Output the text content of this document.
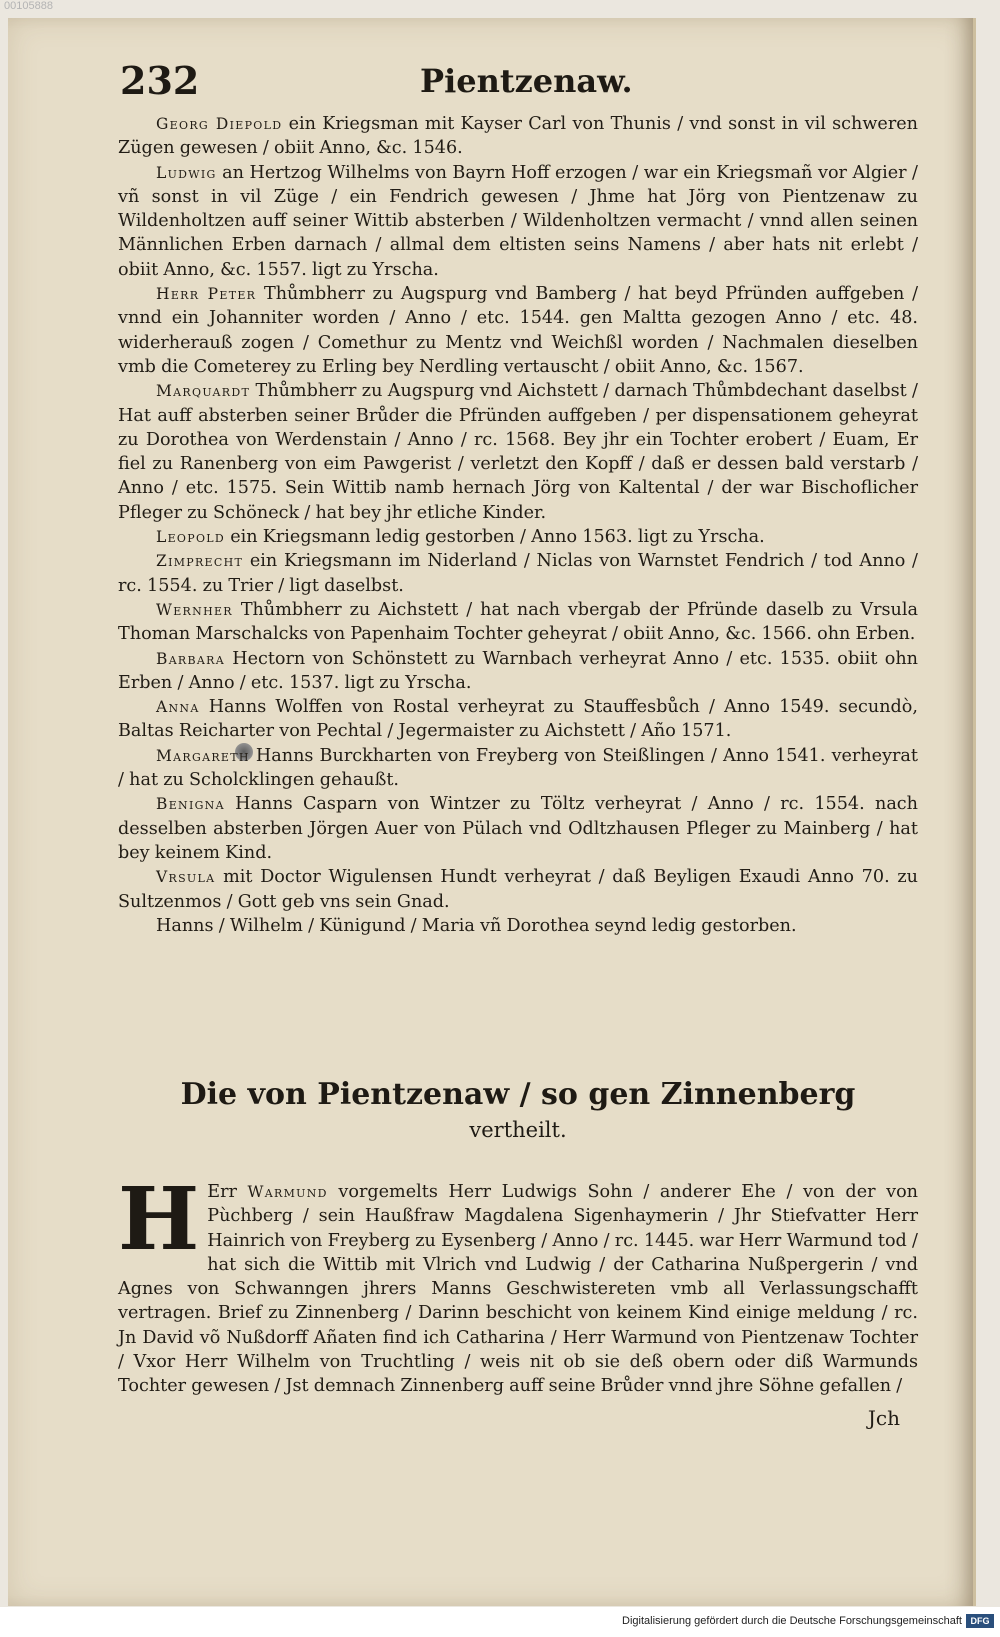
00105888
232	Pientzenaw.

Georg Diepold ein Kriegsman mit Kayser Carl von Thunis / vnd sonst in vil schweren Zügen gewesen / obiit Anno, &c. 1546.

Ludwig an Hertzog Wilhelms von Bayrn Hoff erzogen / war ein Kriegsmañ vor Algier / vñ sonst in vil Züge / ein Fendrich gewesen / Jhme hat Jörg von Pientzenaw zu Wildenholtzen auff seiner Wittib absterben / Wildenholtzen vermacht / vnnd allen seinen Männlichen Erben darnach / allmal dem eltisten seins Namens / aber hats nit erlebt / obiit Anno, &c. 1557. ligt zu Yrscha.

Herr Peter Thůmbherr zu Augspurg vnd Bamberg / hat beyd Pfründen auffgeben / vnnd ein Johanniter worden / Anno / etc. 1544. gen Maltta gezogen Anno / etc. 48. widerherauß zogen / Comethur zu Mentz vnd Weichßl worden / Nachmalen dieselben vmb die Cometerey zu Erling bey Nerdling vertauscht / obiit Anno, &c. 1567.

Marquardt Thůmbherr zu Augspurg vnd Aichstett / darnach Thůmbdechant daselbst / Hat auff absterben seiner Brůder die Pfründen auffgeben / per dispensationem geheyrat zu Dorothea von Werdenstain / Anno / rc. 1568. Bey jhr ein Tochter erobert / Euam, Er fiel zu Ranenberg von eim Pawgerist / verletzt den Kopff / daß er dessen bald verstarb / Anno / etc. 1575. Sein Wittib namb hernach Jörg von Kaltental / der war Bischoflicher Pfleger zu Schöneck / hat bey jhr etliche Kinder.

Leopold ein Kriegsmann ledig gestorben / Anno 1563. ligt zu Yrscha.

Zimprecht ein Kriegsmann im Niderland / Niclas von Warnstet Fendrich / tod Anno / rc. 1554. zu Trier / ligt daselbst.

Wernher Thůmbherr zu Aichstett / hat nach vbergab der Pfründe daselb zu Vrsula Thoman Marschalcks von Papenhaim Tochter geheyrat / obiit Anno, &c. 1566. ohn Erben.

Barbara Hectorn von Schönstett zu Warnbach verheyrat Anno / etc. 1535. obiit ohn Erben / Anno / etc. 1537. ligt zu Yrscha.

Anna Hanns Wolffen von Rostal verheyrat zu Stauffesbůch / Anno 1549. secundò, Baltas Reicharter von Pechtal / Jegermaister zu Aichstett / Año 1571.

Margareth Hanns Burckharten von Freyberg von Steißlingen / Anno 1541. verheyrat / hat zu Scholcklingen gehaußt.

Benigna Hanns Casparn von Wintzer zu Töltz verheyrat / Anno / rc. 1554. nach desselben absterben Jörgen Auer von Pülach vnd Odltzhausen Pfleger zu Mainberg / hat bey keinem Kind.

Vrsula mit Doctor Wigulensen Hundt verheyrat / daß Beyligen Exaudi Anno 70. zu Sultzenmos / Gott geb vns sein Gnad.

Hanns / Wilhelm / Künigund / Maria vñ Dorothea seynd ledig gestorben.

Die von Pientzenaw / so gen Zinnenberg
vertheilt.

H Err Warmund vorgemelts Herr Ludwigs Sohn / anderer Ehe / von der von Pùchberg / sein Haußfraw Magdalena Sigenhaymerin / Jhr Stiefvatter Herr Hainrich von Freyberg zu Eysenberg / Anno / rc. 1445. war Herr Warmund tod / hat sich die Wittib mit Vlrich vnd Ludwig / der Catharina Nußpergerin / vnd Agnes von Schwanngen jhrers Manns Geschwistereten vmb all Verlassungschafft vertragen. Brief zu Zinnenberg / Darinn beschicht von keinem Kind einige meldung / rc. Jn David võ Nußdorff Añaten find ich Catharina / Herr Warmund von Pientzenaw Tochter / Vxor Herr Wilhelm von Truchtling / weis nit ob sie deß obern oder diß Warmunds Tochter gewesen / Jst demnach Zinnenberg auff seine Brůder vnnd jhre Söhne gefallen /

Jch
Digitalisierung gefördert durch die Deutsche Forschungsgemeinschaft DFG
